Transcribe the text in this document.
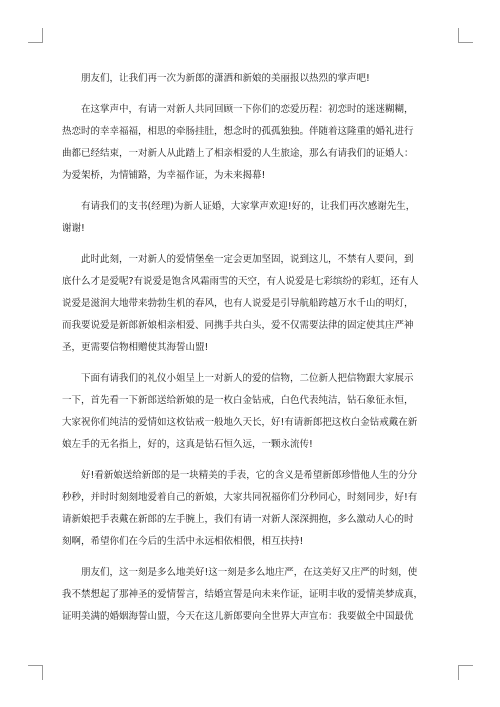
朋友们，让我们再一次为新郎的潇洒和新娘的美丽报以热烈的掌声吧!

在这掌声中，有请一对新人共同回顾一下你们的恋爱历程：初恋时的迷迷糊糊，
热恋时的幸幸福福，相思的牵肠挂肚，想念时的孤孤独独。伴随着这隆重的婚礼进行
曲都已经结束，一对新人从此踏上了相亲相爱的人生旅途，那么有请我们的证婚人：
为爱架桥，为情铺路，为幸福作证，为未来揭幕!

有请我们的支书(经理)为新人证婚，大家掌声欢迎!好的，让我们再次感谢先生，
谢谢!

此时此刻，一对新人的爱情堡垒一定会更加坚固，说到这儿，不禁有人要问，到
底什么才是爱呢?有说爱是饱含风霜雨雪的天空，有人说爱是七彩缤纷的彩虹，还有人
说爱是滋润大地带来勃勃生机的春风，也有人说爱是引导航船跨越万水千山的明灯，
而我要说爱是新郎新娘相亲相爱、同携手共白头，爱不仅需要法律的固定使其庄严神
圣，更需要信物相赠使其海誓山盟!

下面有请我们的礼仪小姐呈上一对新人的爱的信物，二位新人把信物跟大家展示
一下，首先看一下新郎送给新娘的是一枚白金钻戒，白色代表纯洁，钻石象征永恒，
大家祝你们纯洁的爱情如这枚钻戒一般地久天长，好!有请新郎把这枚白金钻戒戴在新
娘左手的无名指上，好的，这真是钻石恒久远，一颗永流传!

好!看新娘送给新郎的是一块精美的手表，它的含义是希望新郎珍惜他人生的分分
秒秒，并时时刻刻地爱着自己的新娘，大家共同祝福你们分秒同心，时刻同步，好!有
请新娘把手表戴在新郎的左手腕上，我们有请一对新人深深拥抱，多么激动人心的时
刻啊，希望你们在今后的生活中永远相依相偎，相互扶持!

朋友们，这一刻是多么地美好!这一刻是多么地庄严，在这美好又庄严的时刻，使
我不禁想起了那神圣的爱情誓言，结婚宣誓是向未来作证，证明丰收的爱情美梦成真，
证明美满的婚姻海誓山盟，今天在这儿新郎要向全世界大声宣布：我要做全中国最优
